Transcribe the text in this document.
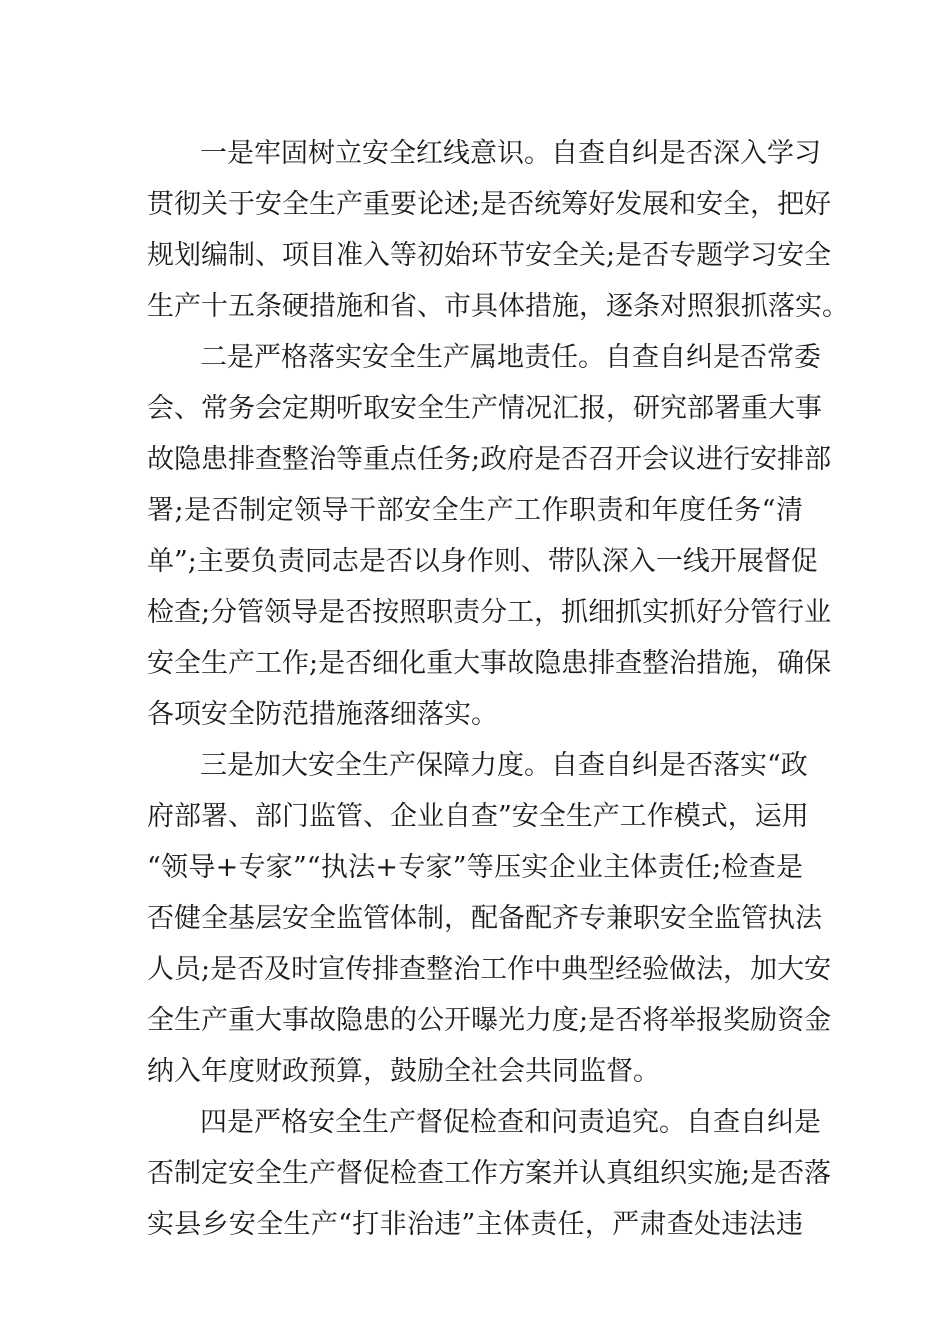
一是牢固树立安全红线意识。自查自纠是否深入学习
贯彻关于安全生产重要论述;是否统筹好发展和安全，把好
规划编制、项目准入等初始环节安全关;是否专题学习安全
生产十五条硬措施和省、市具体措施，逐条对照狠抓落实。
二是严格落实安全生产属地责任。自查自纠是否常委
会、常务会定期听取安全生产情况汇报，研究部署重大事
故隐患排查整治等重点任务;政府是否召开会议进行安排部
署;是否制定领导干部安全生产工作职责和年度任务“清
单”;主要负责同志是否以身作则、带队深入一线开展督促
检查;分管领导是否按照职责分工，抓细抓实抓好分管行业
安全生产工作;是否细化重大事故隐患排查整治措施，确保
各项安全防范措施落细落实。
三是加大安全生产保障力度。自查自纠是否落实“政
府部署、部门监管、企业自查”安全生产工作模式，运用
“领导+专家”“执法+专家”等压实企业主体责任;检查是
否健全基层安全监管体制，配备配齐专兼职安全监管执法
人员;是否及时宣传排查整治工作中典型经验做法，加大安
全生产重大事故隐患的公开曝光力度;是否将举报奖励资金
纳入年度财政预算，鼓励全社会共同监督。
四是严格安全生产督促检查和问责追究。自查自纠是
否制定安全生产督促检查工作方案并认真组织实施;是否落
实县乡安全生产“打非治违”主体责任，严肃查处违法违
